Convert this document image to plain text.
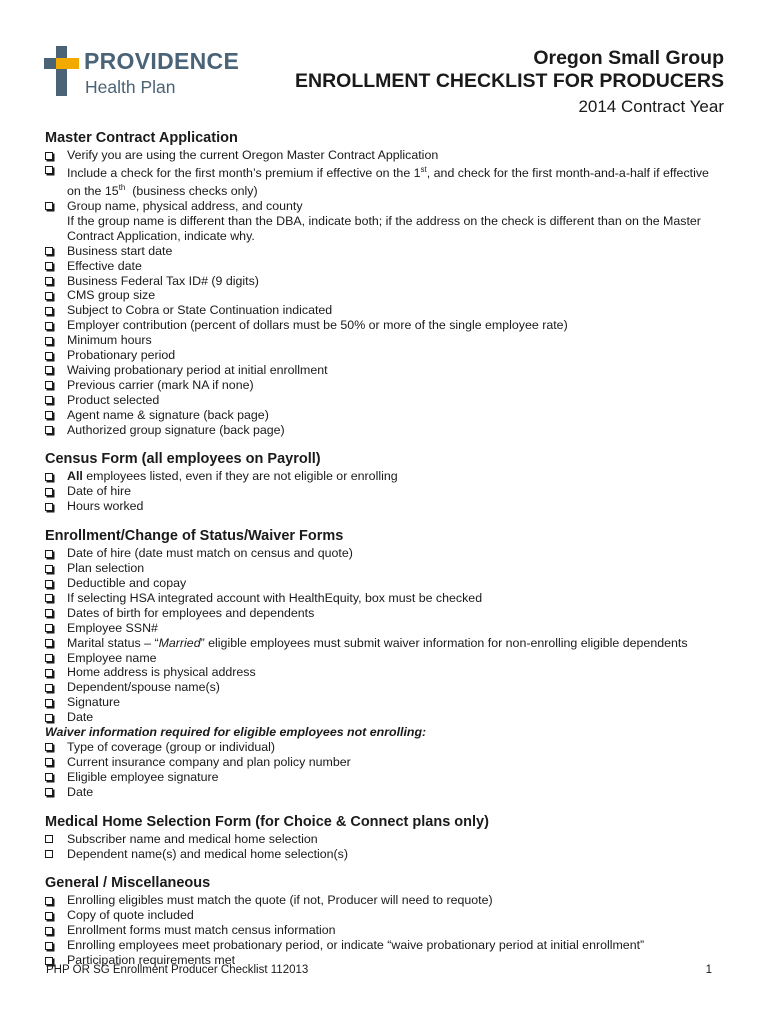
PROVIDENCE
Health Plan
Oregon Small Group
ENROLLMENT CHECKLIST FOR PRODUCERS
2014 Contract Year
Master Contract Application
Verify you are using the current Oregon Master Contract Application
Include a check for the first month’s premium if effective on the 1st, and check for the first month-and-a-half if effective
on the 15th  (business checks only)
Group name, physical address, and county
If the group name is different than the DBA, indicate both; if the address on the check is different than on the Master Contract Application, indicate why.
Business start date
Effective date
Business Federal Tax ID# (9 digits)
CMS group size
Subject to Cobra or State Continuation indicated
Employer contribution (percent of dollars must be 50% or more of the single employee rate)
Minimum hours
Probationary period
Waiving probationary period at initial enrollment
Previous carrier (mark NA if none)
Product selected
Agent name & signature (back page)
Authorized group signature (back page)
Census Form (all employees on Payroll)
All employees listed, even if they are not eligible or enrolling
Date of hire
Hours worked
Enrollment/Change of Status/Waiver Forms
Date of hire (date must match on census and quote)
Plan selection
Deductible and copay
If selecting HSA integrated account with HealthEquity, box must be checked
Dates of birth for employees and dependents
Employee SSN#
Marital status – “Married” eligible employees must submit waiver information for non-enrolling eligible dependents
Employee name
Home address is physical address
Dependent/spouse name(s)
Signature
Date
Waiver information required for eligible employees not enrolling:
Type of coverage (group or individual)
Current insurance company and plan policy number
Eligible employee signature
Date
Medical Home Selection Form (for Choice & Connect plans only)
Subscriber name and medical home selection
Dependent name(s) and medical home selection(s)
General / Miscellaneous
Enrolling eligibles must match the quote (if not, Producer will need to requote)
Copy of quote included
Enrollment forms must match census information
Enrolling employees meet probationary period, or indicate “waive probationary period at initial enrollment”
Participation requirements met
PHP OR SG Enrollment Producer Checklist 112013	1
